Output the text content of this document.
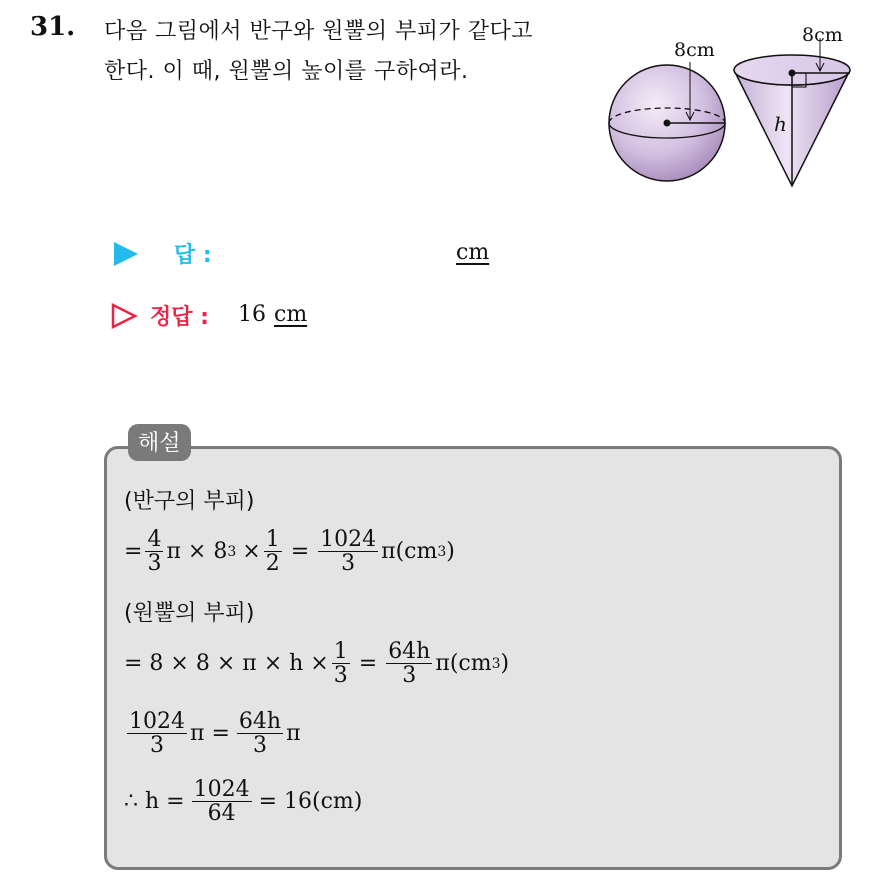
31. 다음 그림에서 반구와 원뿔의 부피가 같다고
한다. 이 때, 원뿔의 높이를 구하여라.
8cm
8cm
h
답 :	cm
정답 : 16 cm
해설
(반구의 부피)
= $\frac{4}{3}$ π × 8 $3 \times \frac{1}{2} = \frac{1024}{3} \pi(cm$ 3 )
(원뿔의 부피)
= $8 \times 8 \times \pi \times h \times \frac{1}{3} = \frac{64h}{3} \pi(cm$ 3 )
$\frac{1024}{3}$ $\pi = \frac{64h}{3}$ π
∴ $h = \frac{1024}{64} = 16(cm)$
